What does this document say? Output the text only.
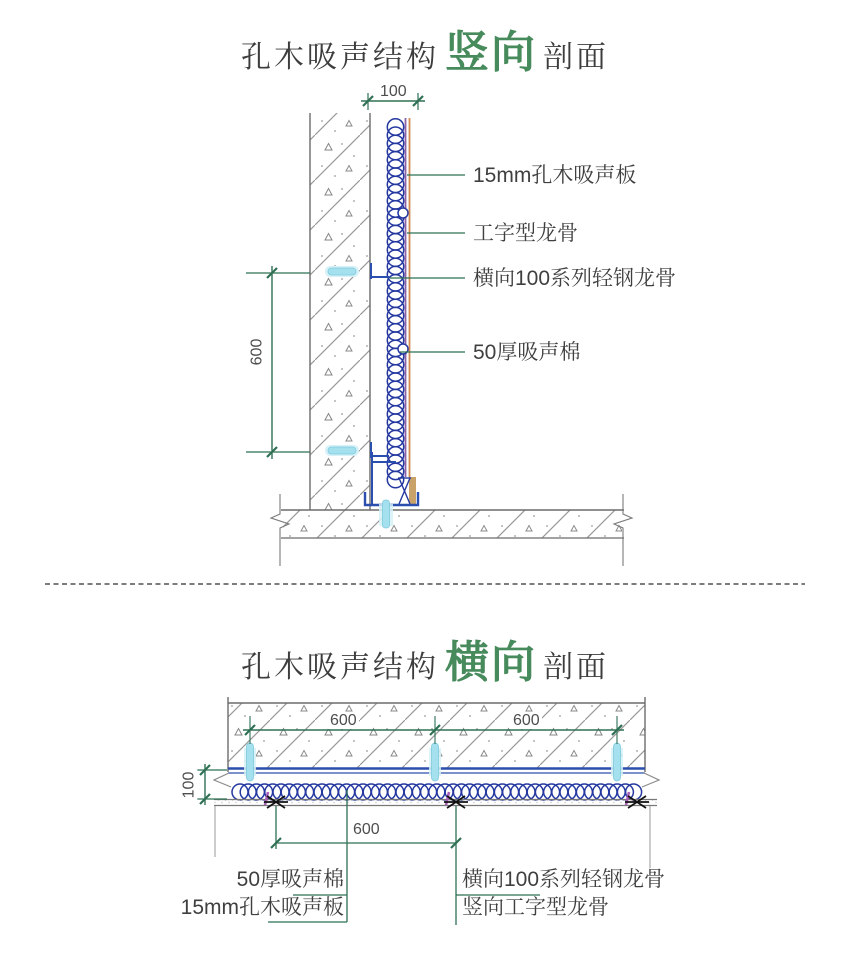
孔木吸声结构 竖向 剖面
100
600
15mm孔木吸声板
工字型龙骨
横向100系列轻钢龙骨
50厚吸声棉
孔木吸声结构 横向 剖面
600	600
100
600
50厚吸声棉
15mm孔木吸声板
横向100系列轻钢龙骨
竖向工字型龙骨
